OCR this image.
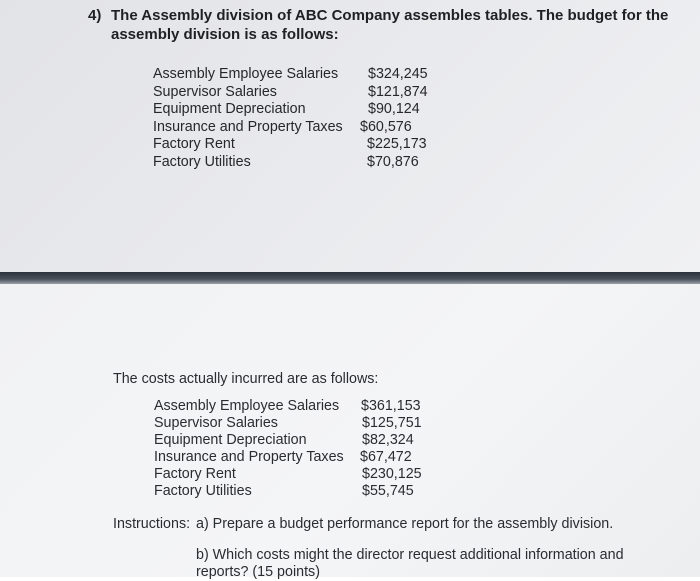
4) The Assembly division of ABC Company assembles tables. The budget for the
assembly division is as follows:
Assembly Employee Salaries $324,245
Supervisor Salaries	$121,874
Equipment Depreciation	$90,124
Insurance and Property Taxes $60,576
Factory Rent	$225,173
Factory Utilities	$70,876
The costs actually incurred are as follows:
Assembly Employee Salaries $361,153
Supervisor Salaries	$125,751
Equipment Depreciation	$82,324
Insurance and Property Taxes $67,472
Factory Rent	$230,125
Factory Utilities	$55,745
Instructions: a) Prepare a budget performance report for the assembly division.
b) Which costs might the director request additional information and
reports? (15 points)
